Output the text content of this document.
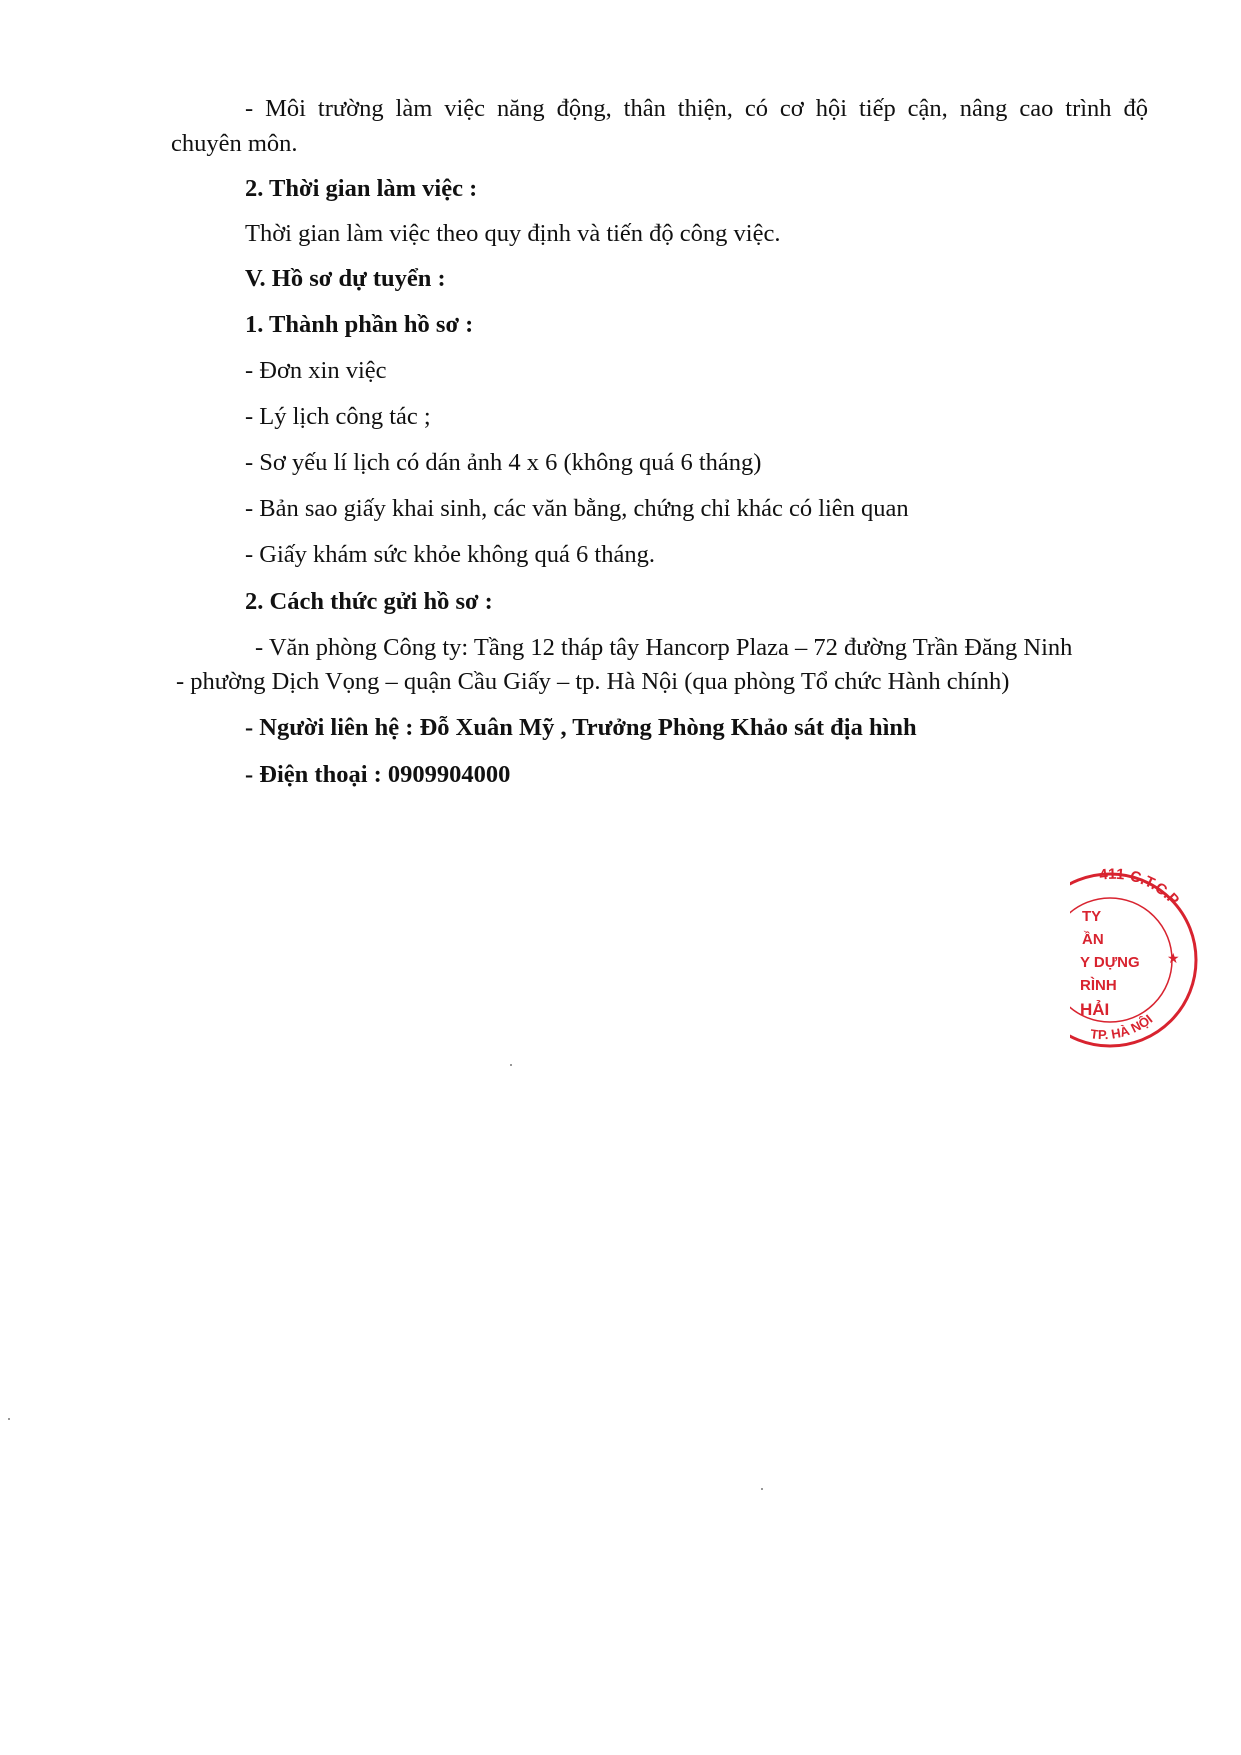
- Môi trường làm việc năng động, thân thiện, có cơ hội tiếp cận, nâng cao trình độ
chuyên môn.
2. Thời gian làm việc :
Thời gian làm việc theo quy định và tiến độ công việc.
V. Hồ sơ dự tuyển :
1. Thành phần hồ sơ :
- Đơn xin việc
- Lý lịch công tác ;
- Sơ yếu lí lịch có dán ảnh 4 x 6 (không quá 6 tháng)
- Bản sao giấy khai sinh, các văn bằng, chứng chỉ khác có liên quan
- Giấy khám sức khỏe không quá 6 tháng.
2. Cách thức gửi hồ sơ :
- Văn phòng Công ty: Tầng 12 tháp tây Hancorp Plaza – 72 đường Trần Đăng Ninh
- phường Dịch Vọng – quận Cầu Giấy – tp. Hà Nội (qua phòng Tổ chức Hành chính)
- Người liên hệ : Đỗ Xuân Mỹ , Trưởng Phòng Khảo sát địa hình
- Điện thoại : 0909904000
411-C.T.C.P
TP. HÀ NỘI
★
TY
ẦN
Y DỰNG
RÌNH
HẢI
